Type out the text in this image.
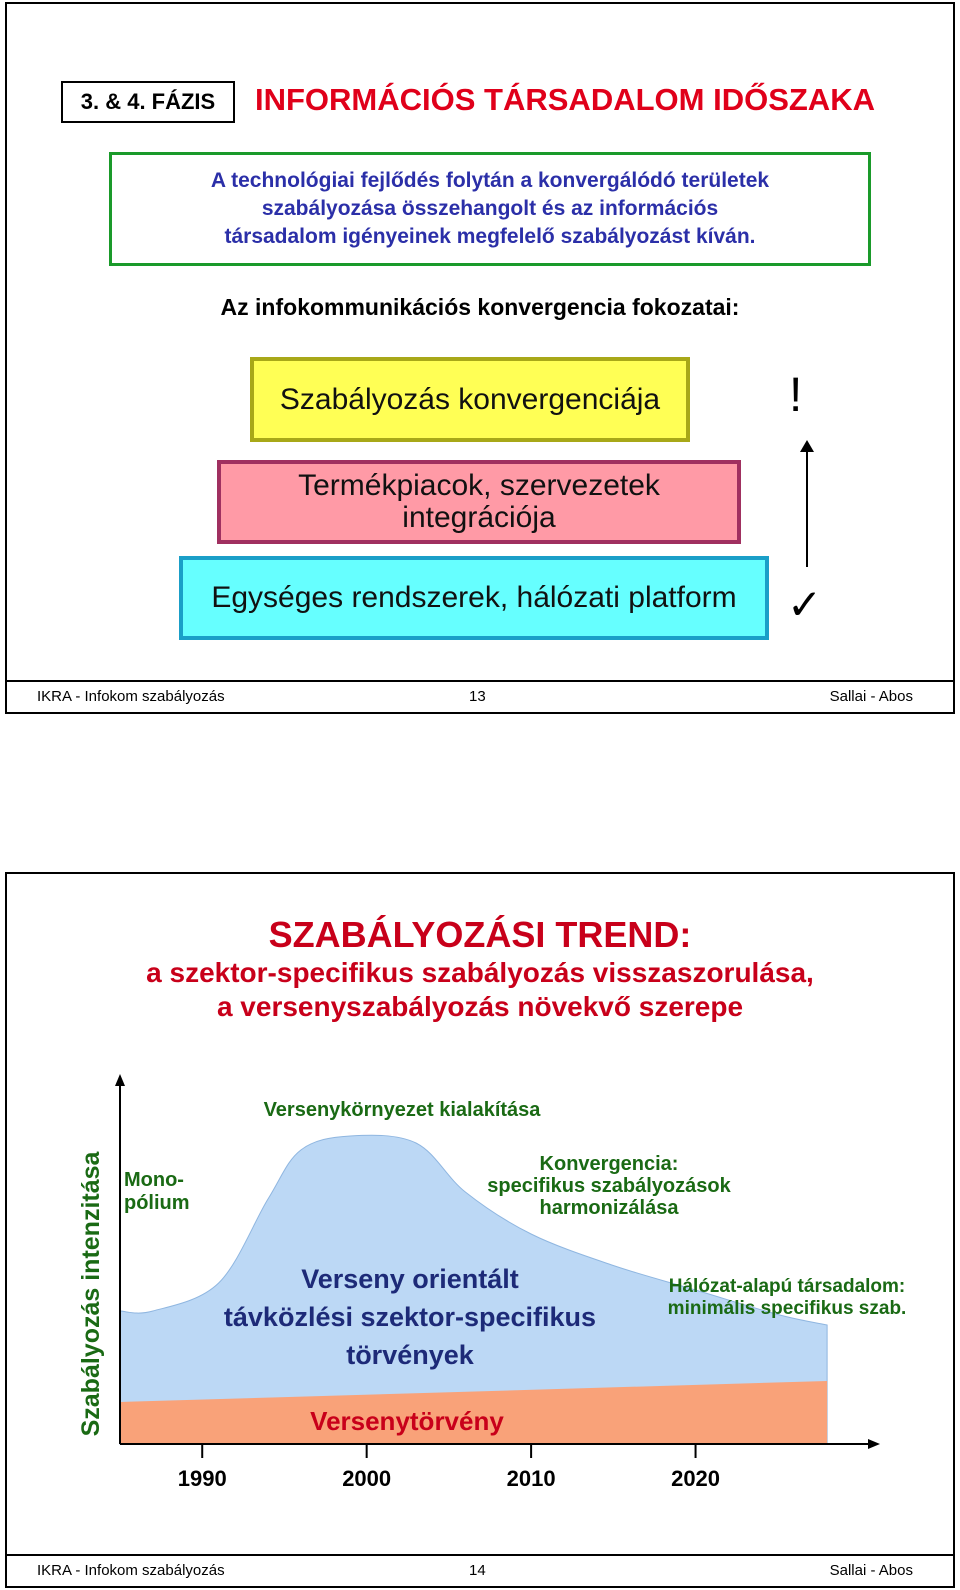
3. & 4. FÁZIS	INFORMÁCIÓS TÁRSADALOM IDŐSZAKA
A technológiai fejlődés folytán a konvergálódó területek
szabályozása összehangolt és az információs
társadalom igényeinek megfelelő szabályozást kíván.
Az infokommunikációs konvergencia fokozatai:
Szabályozás konvergenciája
Termékpiacok, szervezetek
integrációja
Egységes rendszerek, hálózati platform
!
✓
IKRA - Infokom szabályozás	13	Sallai - Abos
SZABÁLYOZÁSI TREND:
a szektor-specifikus szabályozás visszaszorulása,
a versenyszabályozás növekvő szerepe
1990	2000	2010	2020
Szabályozás intenzitása Mono-
pólium
Versenykörnyezet kialakítása
Konvergencia:
specifikus szabályozások
harmonizálása
Hálózat-alapú társadalom:
minimális specifikus szab.
Verseny orientált
távközlési szektor-specifikus
törvények
Versenytörvény
IKRA - Infokom szabályozás	14	Sallai - Abos
